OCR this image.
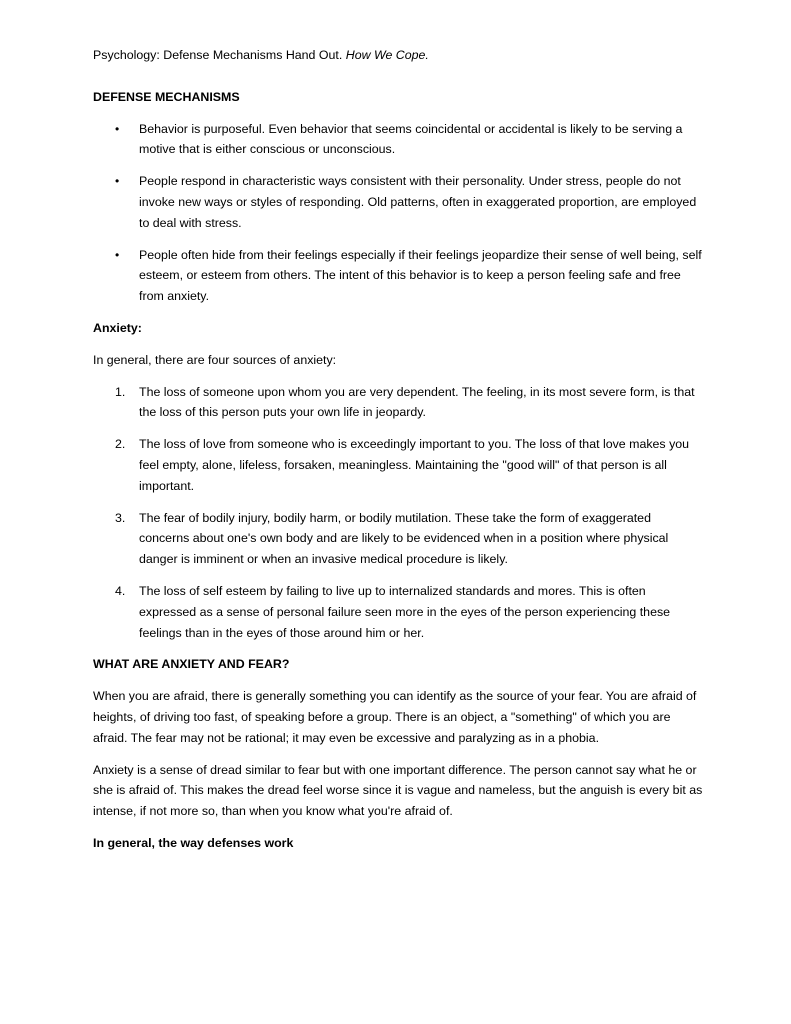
Psychology: Defense Mechanisms Hand Out. How We Cope.

DEFENSE MECHANISMS
• Behavior is purposeful. Even behavior that seems coincidental or accidental is likely to be serving a motive that is either conscious or unconscious.
• People respond in characteristic ways consistent with their personality. Under stress, people do not invoke new ways or styles of responding. Old patterns, often in exaggerated proportion, are employed to deal with stress.
• People often hide from their feelings especially if their feelings jeopardize their sense of well being, self esteem, or esteem from others. The intent of this behavior is to keep a person feeling safe and free from anxiety.
Anxiety:

In general, there are four sources of anxiety:

1. The loss of someone upon whom you are very dependent. The feeling, in its most severe form, is that the loss of this person puts your own life in jeopardy.
2. The loss of love from someone who is exceedingly important to you. The loss of that love makes you feel empty, alone, lifeless, forsaken, meaningless. Maintaining the "good will" of that person is all important.
3. The fear of bodily injury, bodily harm, or bodily mutilation. These take the form of exaggerated concerns about one's own body and are likely to be evidenced when in a position where physical danger is imminent or when an invasive medical procedure is likely.
4. The loss of self esteem by failing to live up to internalized standards and mores. This is often expressed as a sense of personal failure seen more in the eyes of the person experiencing these feelings than in the eyes of those around him or her.
WHAT ARE ANXIETY AND FEAR?

When you are afraid, there is generally something you can identify as the source of your fear. You are afraid of heights, of driving too fast, of speaking before a group. There is an object, a "something" of which you are afraid. The fear may not be rational; it may even be excessive and paralyzing as in a phobia.

Anxiety is a sense of dread similar to fear but with one important difference. The person cannot say what he or she is afraid of. This makes the dread feel worse since it is vague and nameless, but the anguish is every bit as intense, if not more so, than when you know what you're afraid of.

In general, the way defenses work
